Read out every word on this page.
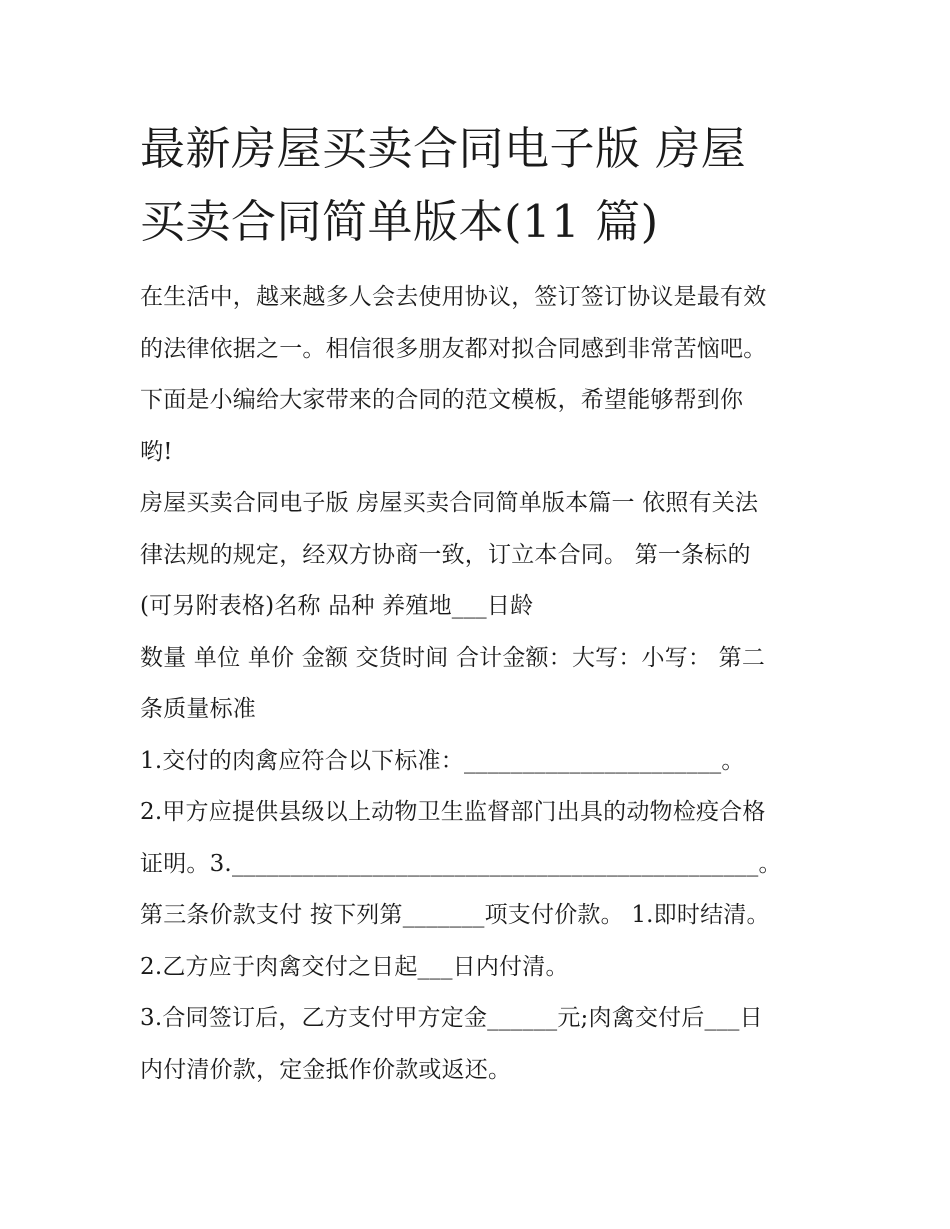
最新房屋买卖合同电子版 房屋
买卖合同简单版本(11 篇)

在生活中，越来越多人会去使用协议，签订签订协议是最有效
的法律依据之一。相信很多朋友都对拟合同感到非常苦恼吧。
下面是小编给大家带来的合同的范文模板，希望能够帮到你
哟!

房屋买卖合同电子版 房屋买卖合同简单版本篇一 依照有关法
律法规的规定，经双方协商一致，订立本合同。 第一条标的
(可另附表格)名称 品种 养殖地___日龄

数量 单位 单价 金额 交货时间 合计金额：大写：小写： 第二
条质量标准

1.交付的肉禽应符合以下标准：______________________。

2.甲方应提供县级以上动物卫生监督部门出具的动物检疫合格
证明。3._____________________________________________。

第三条价款支付 按下列第_______项支付价款。 1.即时结清。

2.乙方应于肉禽交付之日起___日内付清。

3.合同签订后，乙方支付甲方定金______元;肉禽交付后___日
内付清价款，定金抵作价款或返还。
